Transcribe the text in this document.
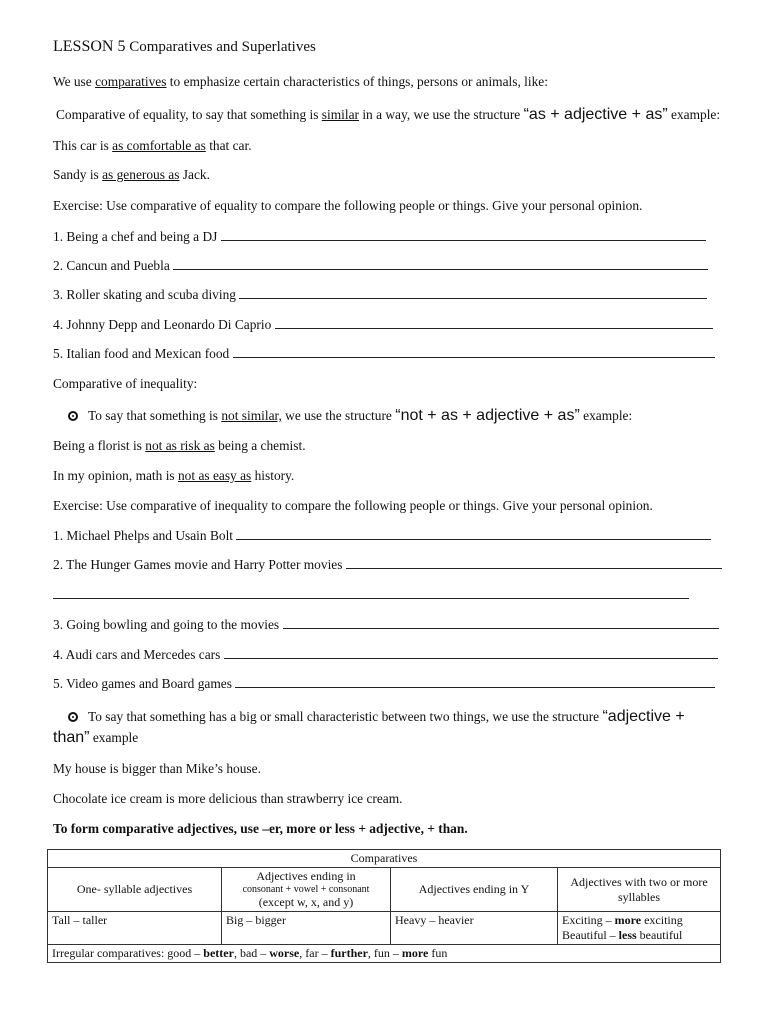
LESSON 5 Comparatives and Superlatives
We use comparatives to emphasize certain characteristics of things, persons or animals, like:
Comparative of equality, to say that something is similar in a way, we use the structure “as + adjective + as” example:
This car is as comfortable as that car.
Sandy is as generous as Jack.
Exercise: Use comparative of equality to compare the following people or things. Give your personal opinion.
1. Being a chef and being a DJ
2. Cancun and Puebla
3. Roller skating and scuba diving
4. Johnny Depp and Leonardo Di Caprio
5. Italian food and Mexican food
Comparative of inequality:
To say that something is not similar, we use the structure “not + as + adjective + as” example:
Being a florist is not as risk as being a chemist.
In my opinion, math is not as easy as history.
Exercise: Use comparative of inequality to compare the following people or things. Give your personal opinion.
1. Michael Phelps and Usain Bolt
2. The Hunger Games movie and Harry Potter movies
3. Going bowling and going to the movies
4. Audi cars and Mercedes cars
5. Video games and Board games
To say that something has a big or small characteristic between two things, we use the structure “adjective +
than” example
My house is bigger than Mike’s house.
Chocolate ice cream is more delicious than strawberry ice cream.
To form comparative adjectives, use –er, more or less + adjective, + than.
Comparatives			
One- syllable adjectives	Adjectives ending in
consonant + vowel + consonant
(except w, x, and y)	Adjectives ending in Y	Adjectives with two or more syllables
Tall – taller	Big – bigger	Heavy – heavier	Exciting – more exciting
Beautiful – less beautiful

Irregular comparatives: good – better, bad – worse, far – further, fun – more fun			
